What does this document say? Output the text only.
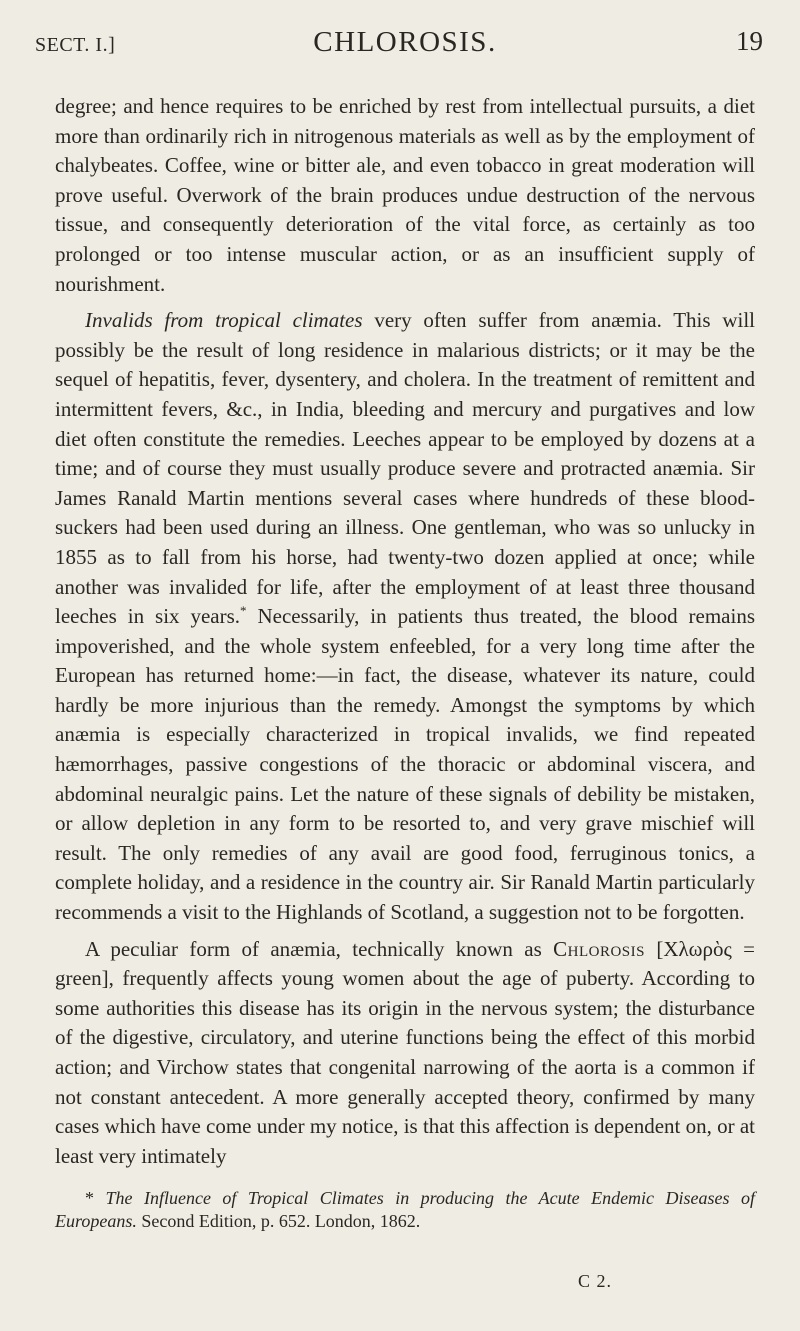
SECT. I.]	CHLOROSIS.	19

degree; and hence requires to be enriched by rest from intellectual pursuits, a diet more than ordinarily rich in nitrogenous materials as well as by the employment of chalybeates. Coffee, wine or bitter ale, and even tobacco in great moderation will prove useful. Overwork of the brain produces undue destruction of the nervous tissue, and consequently deterioration of the vital force, as certainly as too prolonged or too intense muscular action, or as an insufficient supply of nourishment.

Invalids from tropical climates very often suffer from anæmia. This will possibly be the result of long residence in malarious districts; or it may be the sequel of hepatitis, fever, dysentery, and cholera. In the treatment of remittent and intermittent fevers, &c., in India, bleeding and mercury and purgatives and low diet often constitute the remedies. Leeches appear to be employed by dozens at a time; and of course they must usually produce severe and protracted anæmia. Sir James Ranald Martin mentions several cases where hundreds of these blood-suckers had been used during an illness. One gentleman, who was so unlucky in 1855 as to fall from his horse, had twenty-two dozen applied at once; while another was invalided for life, after the employment of at least three thousand leeches in six years.* Necessarily, in patients thus treated, the blood remains impoverished, and the whole system enfeebled, for a very long time after the European has returned home:—in fact, the disease, whatever its nature, could hardly be more injurious than the remedy. Amongst the symptoms by which anæmia is especially characterized in tropical invalids, we find repeated hæmorrhages, passive congestions of the thoracic or abdominal viscera, and abdominal neuralgic pains. Let the nature of these signals of debility be mistaken, or allow depletion in any form to be resorted to, and very grave mischief will result. The only remedies of any avail are good food, ferruginous tonics, a complete holiday, and a residence in the country air. Sir Ranald Martin particularly recommends a visit to the Highlands of Scotland, a suggestion not to be forgotten.

A peculiar form of anæmia, technically known as Chlorosis [Χλωρὸς = green], frequently affects young women about the age of puberty. According to some authorities this disease has its origin in the nervous system; the disturbance of the digestive, circulatory, and uterine functions being the effect of this morbid action; and Virchow states that congenital narrowing of the aorta is a common if not constant antecedent. A more generally accepted theory, confirmed by many cases which have come under my notice, is that this affection is dependent on, or at least very intimately

* The Influence of Tropical Climates in producing the Acute Endemic Diseases of Europeans. Second Edition, p. 652. London, 1862.
C 2.
